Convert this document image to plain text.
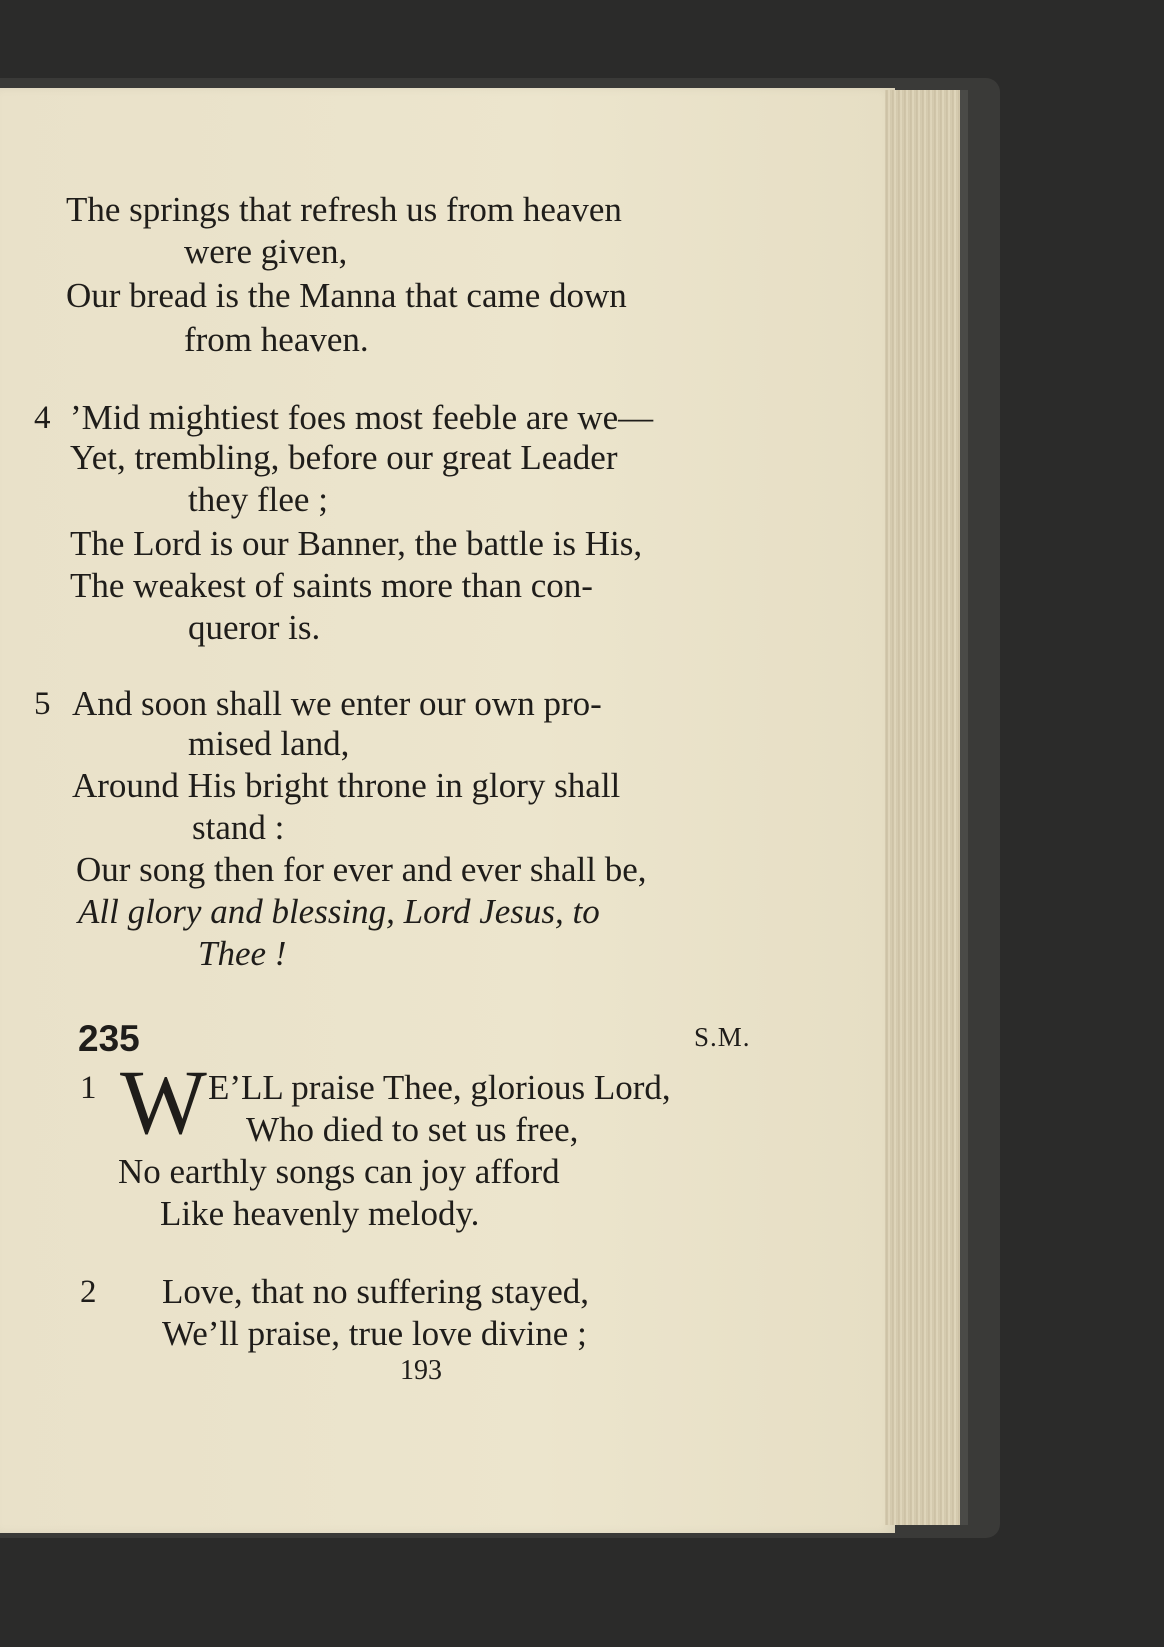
The springs that refresh us from heaven
were given,
Our bread is the Manna that came down
from heaven.
4 ’Mid mightiest foes most feeble are we—
Yet, trembling, before our great Leader
they flee ;
The Lord is our Banner, the battle is His,
The weakest of saints more than con-
queror is.
5 And soon shall we enter our own pro-
mised land,
Around His bright throne in glory shall
stand :
Our song then for ever and ever shall be,
All glory and blessing, Lord Jesus, to
Thee !
235	S.M.
1 W E’LL praise Thee, glorious Lord,
Who died to set us free,
No earthly songs can joy afford
Like heavenly melody.
2 Love, that no suffering stayed,
We’ll praise, true love divine ;
193
